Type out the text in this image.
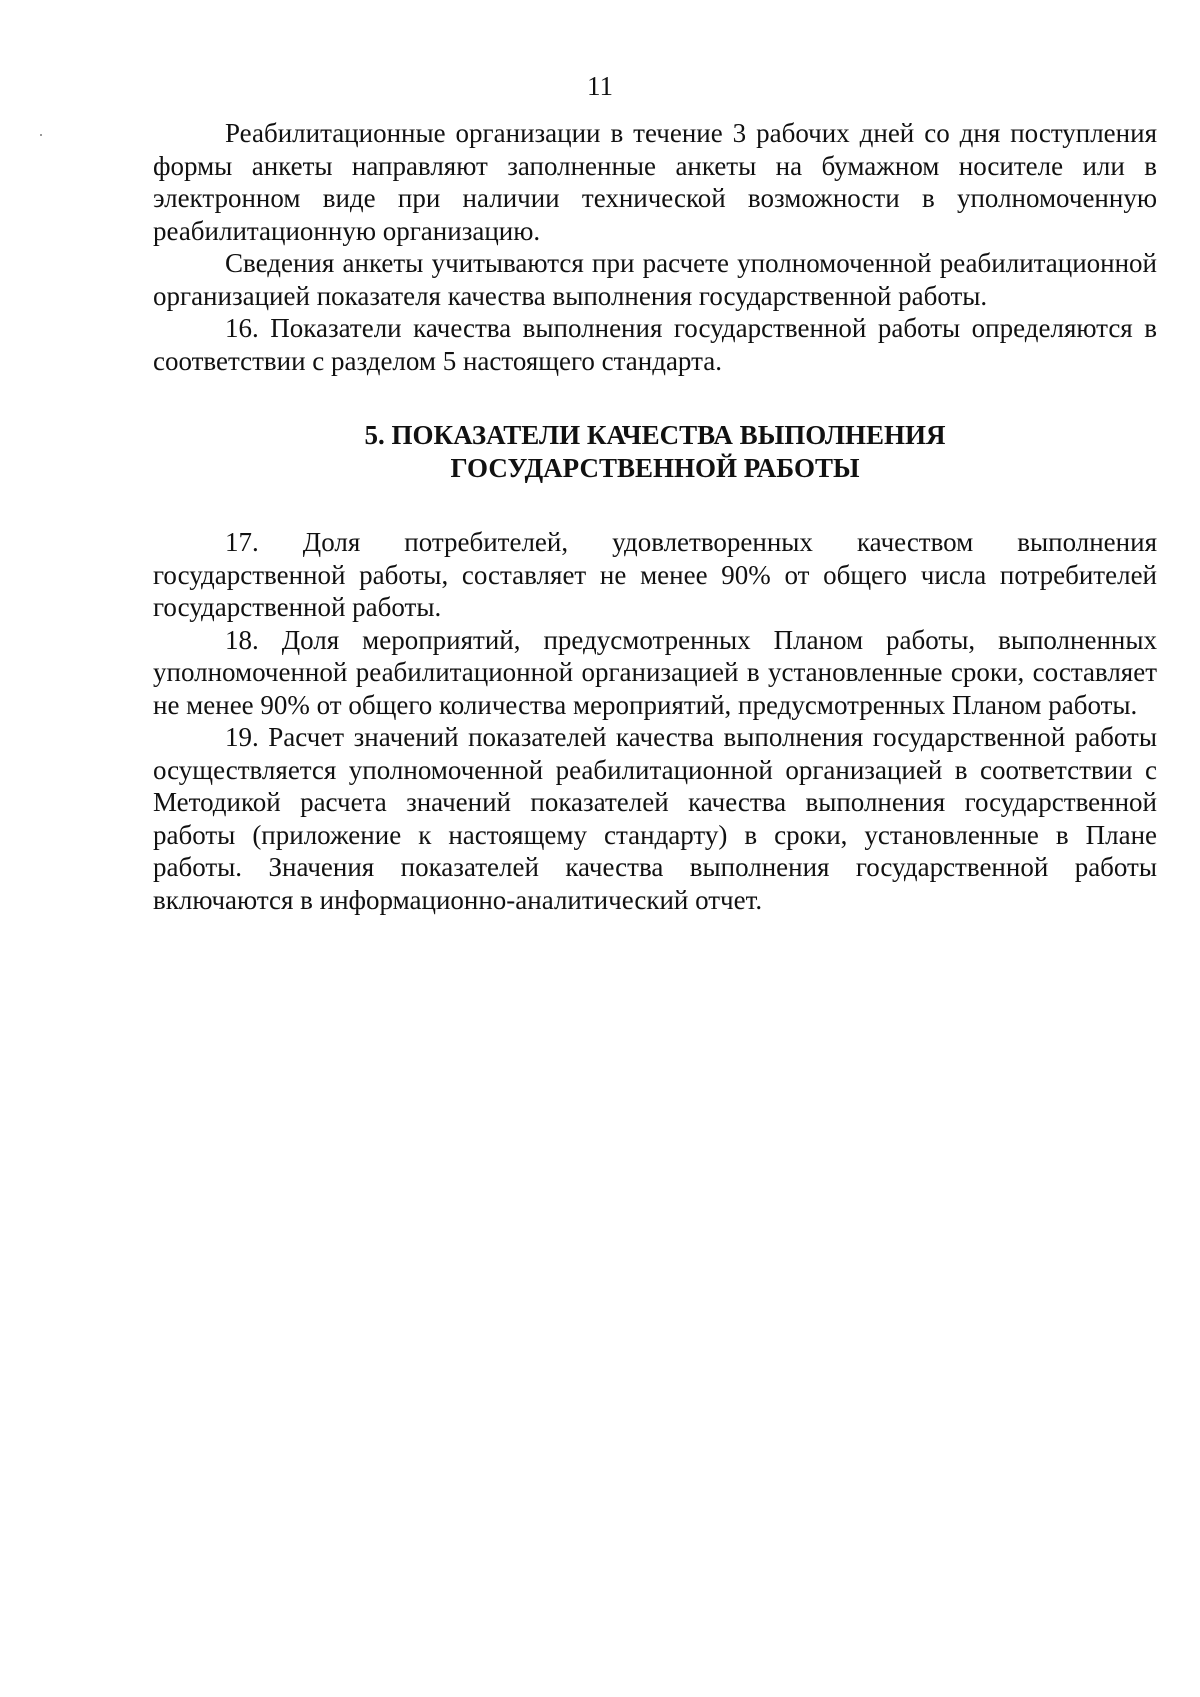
11

Реабилитационные организации в течение 3 рабочих дней со дня поступления формы анкеты направляют заполненные анкеты на бумажном носителе или в электронном виде при наличии технической возможности в уполномоченную реабилитационную организацию.

Сведения анкеты учитываются при расчете уполномоченной реабилитационной организацией показателя качества выполнения государственной работы.

16. Показатели качества выполнения государственной работы определяются в соответствии с разделом 5 настоящего стандарта.

5. ПОКАЗАТЕЛИ КАЧЕСТВА ВЫПОЛНЕНИЯ
ГОСУДАРСТВЕННОЙ РАБОТЫ

17. Доля потребителей, удовлетворенных качеством выполнения государственной работы, составляет не менее 90% от общего числа потребителей государственной работы.

18. Доля мероприятий, предусмотренных Планом работы, выполненных уполномоченной реабилитационной организацией в установленные сроки, составляет не менее 90% от общего количества мероприятий, предусмотренных Планом работы.

19. Расчет значений показателей качества выполнения государственной работы осуществляется уполномоченной реабилитационной организацией в соответствии с Методикой расчета значений показателей качества выполнения государственной работы (приложение к настоящему стандарту) в сроки, установленные в Плане работы. Значения показателей качества выполнения государственной работы включаются в информационно-аналитический отчет.
